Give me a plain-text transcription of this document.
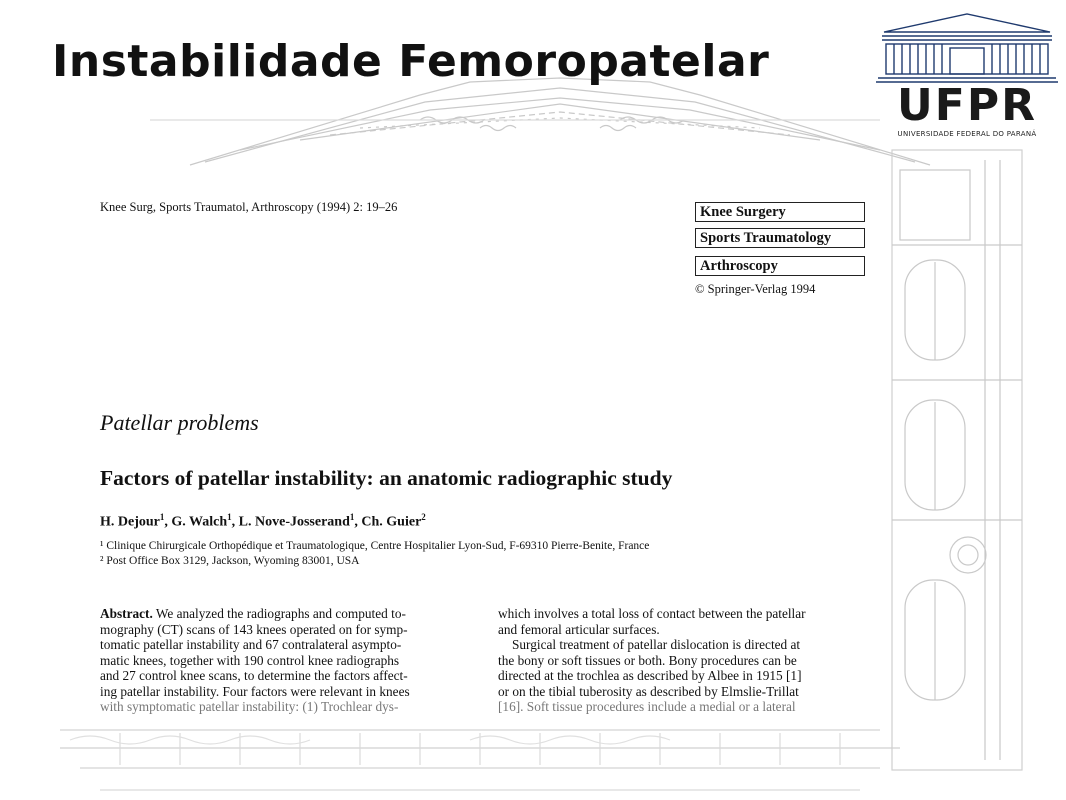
Instabilidade Femoropatelar
UFPR
UNIVERSIDADE FEDERAL DO PARANÁ
Knee Surg, Sports Traumatol, Arthroscopy (1994) 2: 19–26	Knee Surgery
Sports Traumatology
Arthroscopy
© Springer-Verlag 1994
Patellar problems
Factors of patellar instability: an anatomic radiographic study
H. Dejour$^1$, G. Walch$^1$, L. Nove-Josserand$^1$, Ch. Guier$^2$
¹ Clinique Chirurgicale Orthopédique et Traumatologique, Centre Hospitalier Lyon-Sud, F-69310 Pierre-Benite, France
² Post Office Box 3129, Jackson, Wyoming 83001, USA
Abstract. We analyzed the radiographs and computed to-
mography (CT) scans of 143 knees operated on for symp-
tomatic patellar instability and 67 contralateral asympto-
matic knees, together with 190 control knee radiographs
and 27 control knee scans, to determine the factors affect-
ing patellar instability. Four factors were relevant in knees
with symptomatic patellar instability: (1) Trochlear dys-
which involves a total loss of contact between the patellar
and femoral articular surfaces.
Surgical treatment of patellar dislocation is directed at
the bony or soft tissues or both. Bony procedures can be
directed at the trochlea as described by Albee in 1915 [1]
or on the tibial tuberosity as described by Elmslie-Trillat
[16]. Soft tissue procedures include a medial or a lateral
